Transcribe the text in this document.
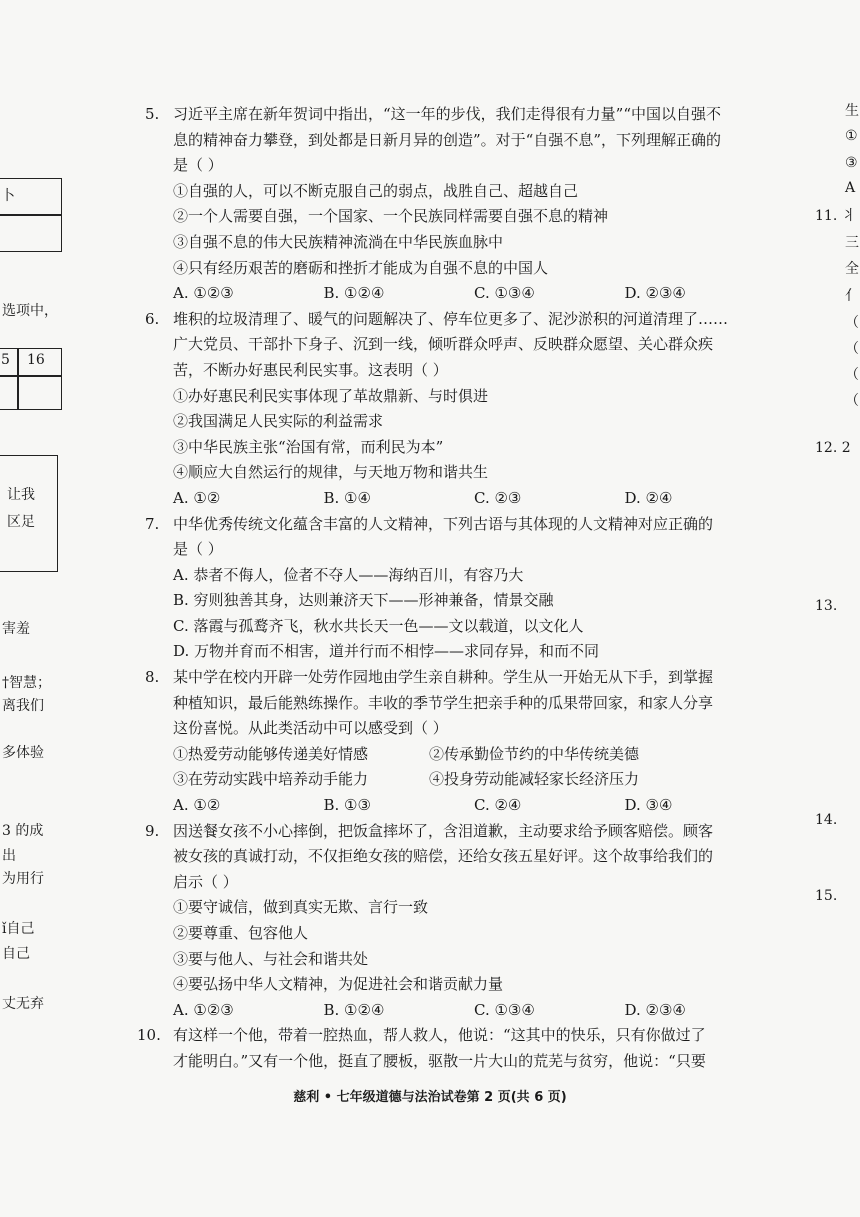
卜
选项中，
5 16
让我
区足
害羞
†智慧；
离我们
多体验
3 的成
出
为用行
ǐ自己
自己
丈无弃
生
①
③
A
11. 丬
三
全
亻
（
（
（
（
12. 2
13.
14.
15.
5. 习近平主席在新年贺词中指出，“这一年的步伐，我们走得很有力量”“中国以自强不
息的精神奋力攀登，到处都是日新月异的创造”。对于“自强不息”，下列理解正确的
是（ ）
①自强的人，可以不断克服自己的弱点，战胜自己、超越自己
②一个人需要自强，一个国家、一个民族同样需要自强不息的精神
③自强不息的伟大民族精神流淌在中华民族血脉中
④只有经历艰苦的磨砺和挫折才能成为自强不息的中国人
A. ①②③	B. ①②④	C. ①③④	D. ②③④
6. 堆积的垃圾清理了、暖气的问题解决了、停车位更多了、泥沙淤积的河道清理了……
广大党员、干部扑下身子、沉到一线，倾听群众呼声、反映群众愿望、关心群众疾
苦，不断办好惠民利民实事。这表明（ ）
①办好惠民利民实事体现了革故鼎新、与时俱进
②我国满足人民实际的利益需求
③中华民族主张“治国有常，而利民为本”
④顺应大自然运行的规律，与天地万物和谐共生
A. ①②	B. ①④	C. ②③	D. ②④
7. 中华优秀传统文化蕴含丰富的人文精神，下列古语与其体现的人文精神对应正确的
是（ ）
A. 恭者不侮人，俭者不夺人——海纳百川，有容乃大
B. 穷则独善其身，达则兼济天下——形神兼备，情景交融
C. 落霞与孤鹜齐飞，秋水共长天一色——文以载道，以文化人
D. 万物并育而不相害，道并行而不相悖——求同存异，和而不同
8. 某中学在校内开辟一处劳作园地由学生亲自耕种。学生从一开始无从下手，到掌握
种植知识，最后能熟练操作。丰收的季节学生把亲手种的瓜果带回家，和家人分享
这份喜悦。从此类活动中可以感受到（ ）
①热爱劳动能够传递美好情感	②传承勤俭节约的中华传统美德
③在劳动实践中培养动手能力	④投身劳动能减轻家长经济压力
A. ①②	B. ①③	C. ②④	D. ③④
9. 因送餐女孩不小心摔倒，把饭盒摔坏了，含泪道歉，主动要求给予顾客赔偿。顾客
被女孩的真诚打动，不仅拒绝女孩的赔偿，还给女孩五星好评。这个故事给我们的
启示（ ）
①要守诚信，做到真实无欺、言行一致
②要尊重、包容他人
③要与他人、与社会和谐共处
④要弘扬中华人文精神，为促进社会和谐贡献力量
A. ①②③	B. ①②④	C. ①③④	D. ②③④
10. 有这样一个他，带着一腔热血，帮人救人，他说：“这其中的快乐，只有你做过了
才能明白。”又有一个他，挺直了腰板，驱散一片大山的荒芜与贫穷，他说：“只要
慈利 • 七年级道德与法治试卷第 2 页(共 6 页)
